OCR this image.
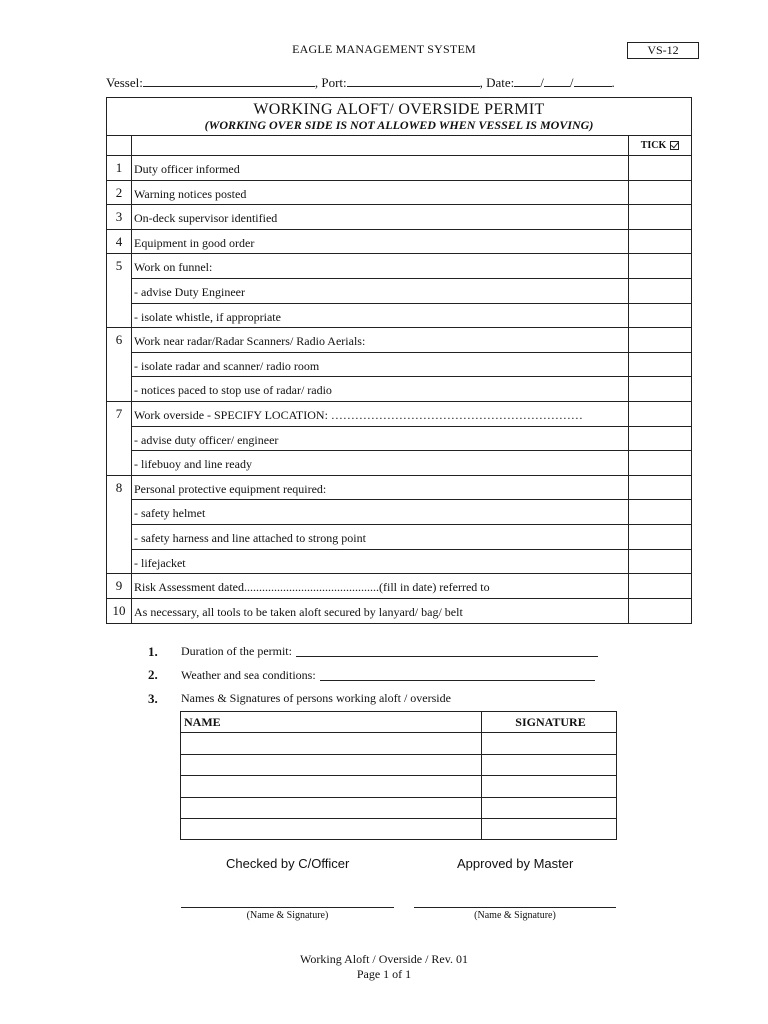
EAGLE MANAGEMENT SYSTEM	VS-12
Vessel:	, Port:	, Date: / /	.
WORKING ALOFT/ OVERSIDE PERMIT
(WORKING OVER SIDE IS NOT ALLOWED WHEN VESSEL IS MOVING)
TICK
1 Duty officer informed
2 Warning notices posted
3 On-deck supervisor identified
4 Equipment in good order
5 Work on funnel:
- advise Duty Engineer
- isolate whistle, if appropriate
6 Work near radar/Radar Scanners/ Radio Aerials:
- isolate radar and scanner/ radio room
- notices paced to stop use of radar/ radio
7 Work overside - SPECIFY LOCATION: ………………………………………………………
- advise duty officer/ engineer
- lifebuoy and line ready
8 Personal protective equipment required:
- safety helmet
- safety harness and line attached to strong point
- lifejacket
9 Risk Assessment dated.............................................(fill in date) referred to
10 As necessary, all tools to be taken aloft secured by lanyard/ bag/ belt
1.	Duration of the permit:
2.	Weather and sea conditions:
3.	Names & Signatures of persons working aloft / overside
NAME	SIGNATURE

Checked by C/Officer	Approved by Master
(Name & Signature)	(Name & Signature)
Working Aloft / Overside / Rev. 01
Page 1 of 1
